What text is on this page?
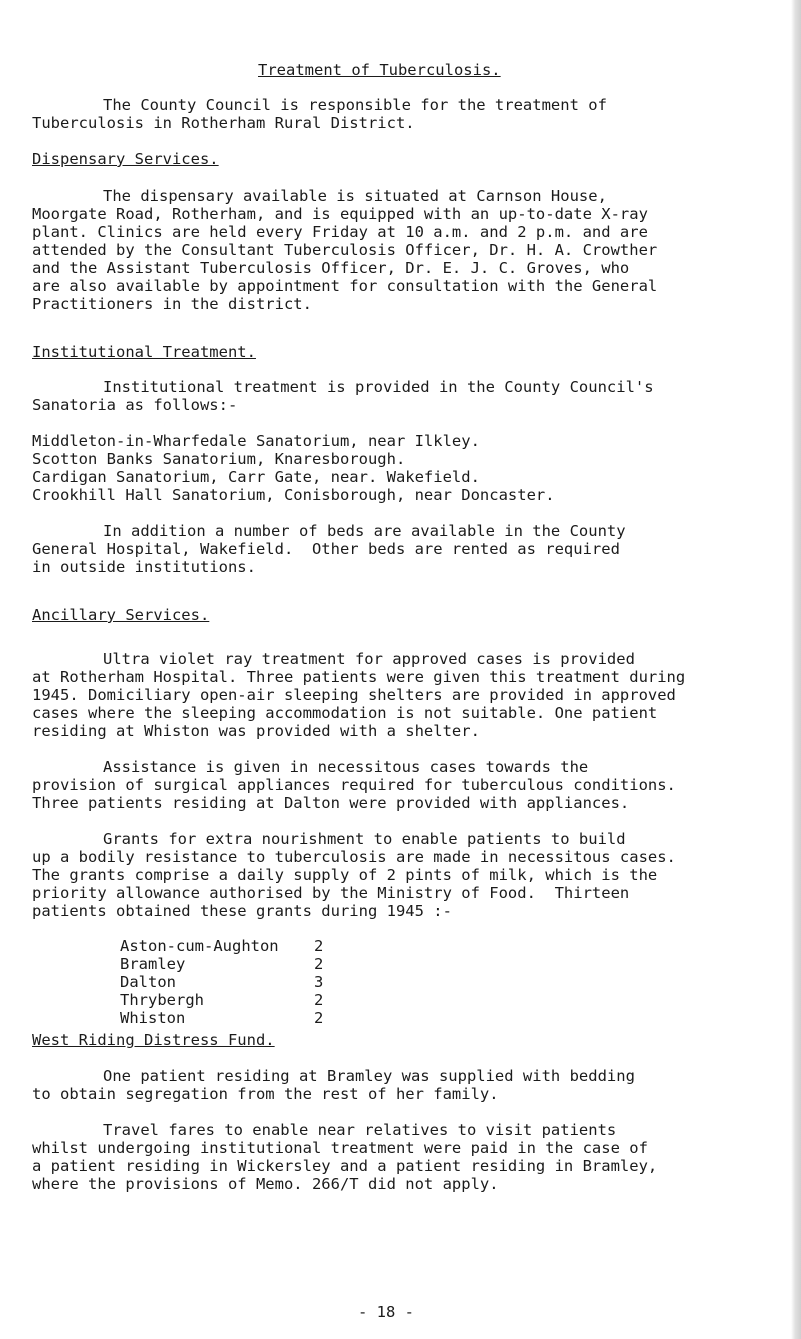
Treatment of Tuberculosis.
The County Council is responsible for the treatment of
Tuberculosis in Rotherham Rural District.
Dispensary Services.
The dispensary available is situated at Carnson House,
Moorgate Road, Rotherham, and is equipped with an up-to-date X-ray
plant. Clinics are held every Friday at 10 a.m. and 2 p.m. and are
attended by the Consultant Tuberculosis Officer, Dr. H. A. Crowther
and the Assistant Tuberculosis Officer, Dr. E. J. C. Groves, who
are also available by appointment for consultation with the General
Practitioners in the district.
Institutional Treatment.
Institutional treatment is provided in the County Council's
Sanatoria as follows:-
Middleton-in-Wharfedale Sanatorium, near Ilkley.
Scotton Banks Sanatorium, Knaresborough.
Cardigan Sanatorium, Carr Gate, near. Wakefield.
Crookhill Hall Sanatorium, Conisborough, near Doncaster.
In addition a number of beds are available in the County
General Hospital, Wakefield.  Other beds are rented as required
in outside institutions.
Ancillary Services.
Ultra violet ray treatment for approved cases is provided
at Rotherham Hospital. Three patients were given this treatment during
1945. Domiciliary open-air sleeping shelters are provided in approved
cases where the sleeping accommodation is not suitable. One patient
residing at Whiston was provided with a shelter.
Assistance is given in necessitous cases towards the
provision of surgical appliances required for tuberculous conditions.
Three patients residing at Dalton were provided with appliances.
Grants for extra nourishment to enable patients to build
up a bodily resistance to tuberculosis are made in necessitous cases.
The grants comprise a daily supply of 2 pints of milk, which is the
priority allowance authorised by the Ministry of Food.  Thirteen
patients obtained these grants during 1945 :-
Aston-cum-Aughton 2
Bramley	2
Dalton	3
Thrybergh	2
Whiston	2
West Riding Distress Fund.
One patient residing at Bramley was supplied with bedding
to obtain segregation from the rest of her family.
Travel fares to enable near relatives to visit patients
whilst undergoing institutional treatment were paid in the case of
a patient residing in Wickersley and a patient residing in Bramley,
where the provisions of Memo. 266/T did not apply.
- 18 -
